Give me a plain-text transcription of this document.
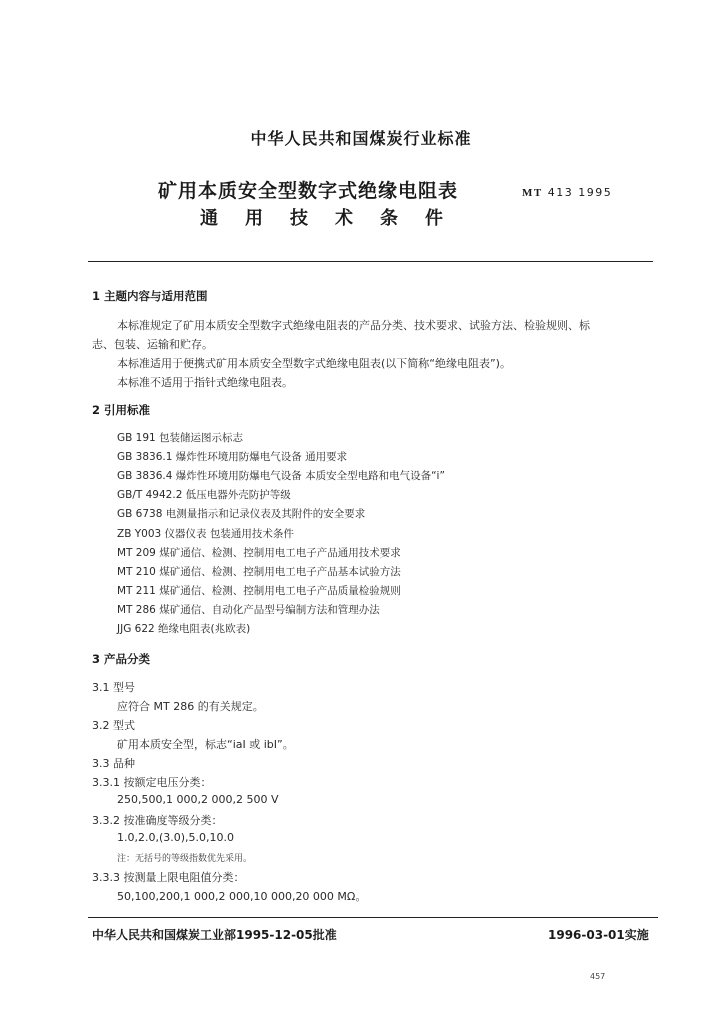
中华人民共和国煤炭行业标准
矿用本质安全型数字式绝缘电阻表
通用技术条件
MT 413 1995
1 主题内容与适用范围
本标准规定了矿用本质安全型数字式绝缘电阻表的产品分类、技术要求、试验方法、检验规则、标
志、包装、运输和贮存。
本标准适用于便携式矿用本质安全型数字式绝缘电阻表(以下简称“绝缘电阻表”)。
本标准不适用于指针式绝缘电阻表。
2 引用标准
GB 191 包装储运图示标志
GB 3836.1 爆炸性环境用防爆电气设备 通用要求
GB 3836.4 爆炸性环境用防爆电气设备 本质安全型电路和电气设备“i”
GB/T 4942.2 低压电器外壳防护等级
GB 6738 电测量指示和记录仪表及其附件的安全要求
ZB Y003 仪器仪表 包装通用技术条件
MT 209 煤矿通信、检测、控制用电工电子产品通用技术要求
MT 210 煤矿通信、检测、控制用电工电子产品基本试验方法
MT 211 煤矿通信、检测、控制用电工电子产品质量检验规则
MT 286 煤矿通信、自动化产品型号编制方法和管理办法
JJG 622 绝缘电阻表(兆欧表)
3 产品分类
3.1 型号
应符合 MT 286 的有关规定。
3.2 型式
矿用本质安全型，标志“iaI 或 ibI”。
3.3 品种
3.3.1 按额定电压分类：
250,500,1 000,2 000,2 500 V
3.3.2 按准确度等级分类：
1.0,2.0,(3.0),5.0,10.0
注：无括号的等级指数优先采用。
3.3.3 按测量上限电阻值分类：
50,100,200,1 000,2 000,10 000,20 000 MΩ。
中华人民共和国煤炭工业部1995-12-05批准	1996-03-01实施
457
